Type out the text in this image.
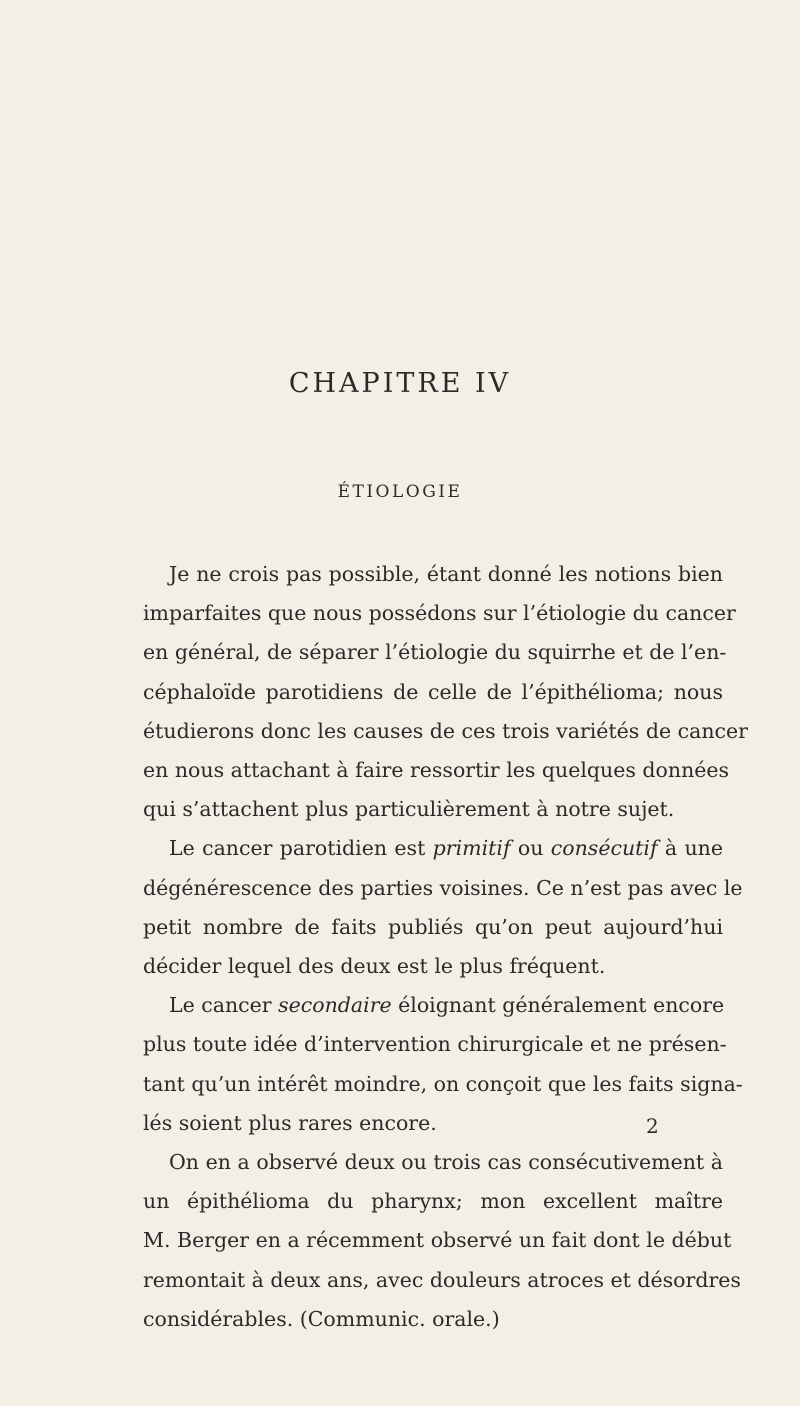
CHAPITRE IV
ÉTIOLOGIE

Je ne crois pas possible, étant donné les notions bien
imparfaites que nous possédons sur l’étiologie du cancer
en général, de séparer l’étiologie du squirrhe et de l’en-
céphaloïde parotidiens de celle de l’épithélioma; nous
étudierons donc les causes de ces trois variétés de cancer
en nous attachant à faire ressortir les quelques données
qui s’attachent plus particulièrement à notre sujet.

Le cancer parotidien est primitif ou consécutif à une
dégénérescence des parties voisines. Ce n’est pas avec le
petit nombre de faits publiés qu’on peut aujourd’hui
décider lequel des deux est le plus fréquent.

Le cancer secondaire éloignant généralement encore
plus toute idée d’intervention chirurgicale et ne présen-
tant qu’un intérêt moindre, on conçoit que les faits signa-
lés soient plus rares encore.

On en a observé deux ou trois cas consécutivement à
un épithélioma du pharynx; mon excellent maître
M. Berger en a récemment observé un fait dont le début
remontait à deux ans, avec douleurs atroces et désordres
considérables. (Communic. orale.)

2
